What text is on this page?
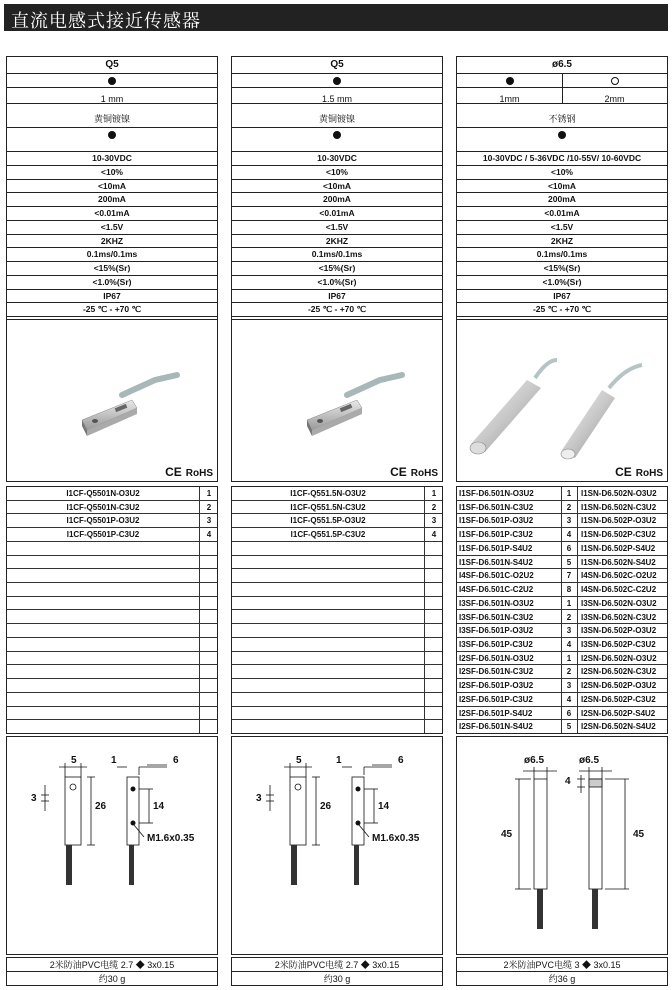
直流电感式接近传感器
Q5
1 mm
黄铜镀镍
10-30VDC
<10%
<10mA
200mA
<0.01mA
<1.5V
2KHZ
0.1ms/0.1ms
<15%(Sr)
<1.0%(Sr)
IP67
-25 ℃ - +70 ℃
CE RoHS
I1CF-Q5501N-O3U2	1
I1CF-Q5501N-C3U2	2
I1CF-Q5501P-O3U2	3
I1CF-Q5501P-C3U2	4
5	6
1
3
26	14
M1.6x0.35
2米防油PVC电缆 2.7 ◆ 3x0.15
约30 g
Q5
1.5 mm
黄铜镀镍
10-30VDC
<10%
<10mA
200mA
<0.01mA
<1.5V
2KHZ
0.1ms/0.1ms
<15%(Sr)
<1.0%(Sr)
IP67
-25 ℃ - +70 ℃
CE RoHS
I1CF-Q551.5N-O3U2	1
I1CF-Q551.5N-C3U2	2
I1CF-Q551.5P-O3U2	3
I1CF-Q551.5P-C3U2	4
5	6
1
3
26	14
M1.6x0.35
2米防油PVC电缆 2.7 ◆ 3x0.15
约30 g
ø6.5
1mm	2mm
不锈钢
10-30VDC / 5-36VDC /10-55V/ 10-60VDC
<10%
<10mA
200mA
<0.01mA
<1.5V
2KHZ
0.1ms/0.1ms
<15%(Sr)
<1.0%(Sr)
IP67
-25 ℃ - +70 ℃
CE RoHS
I1SF-D6.501N-O3U2	1	I1SN-D6.502N-O3U2
I1SF-D6.501N-C3U2	2	I1SN-D6.502N-C3U2
I1SF-D6.501P-O3U2	3	I1SN-D6.502P-O3U2
I1SF-D6.501P-C3U2	4	I1SN-D6.502P-C3U2
I1SF-D6.501P-S4U2	6	I1SN-D6.502P-S4U2
I1SF-D6.501N-S4U2	5	I1SN-D6.502N-S4U2
I4SF-D6.501C-O2U2	7	I4SN-D6.502C-O2U2
I4SF-D6.501C-C2U2	8	I4SN-D6.502C-C2U2
I3SF-D6.501N-O3U2	1	I3SN-D6.502N-O3U2
I3SF-D6.501N-C3U2	2	I3SN-D6.502N-C3U2
I3SF-D6.501P-O3U2	3	I3SN-D6.502P-O3U2
I3SF-D6.501P-C3U2	4	I3SN-D6.502P-C3U2
I2SF-D6.501N-O3U2	1	I2SN-D6.502N-O3U2
I2SF-D6.501N-C3U2	2	I2SN-D6.502N-C3U2
I2SF-D6.501P-O3U2	3	I2SN-D6.502P-O3U2
I2SF-D6.501P-C3U2	4	I2SN-D6.502P-C3U2
I2SF-D6.501P-S4U2	6	I2SN-D6.502P-S4U2
I2SF-D6.501N-S4U2	5	I2SN-D6.502N-S4U2
ø6.5	ø6.5
45
4
45
2米防油PVC电缆 3 ◆ 3x0.15
约36 g
